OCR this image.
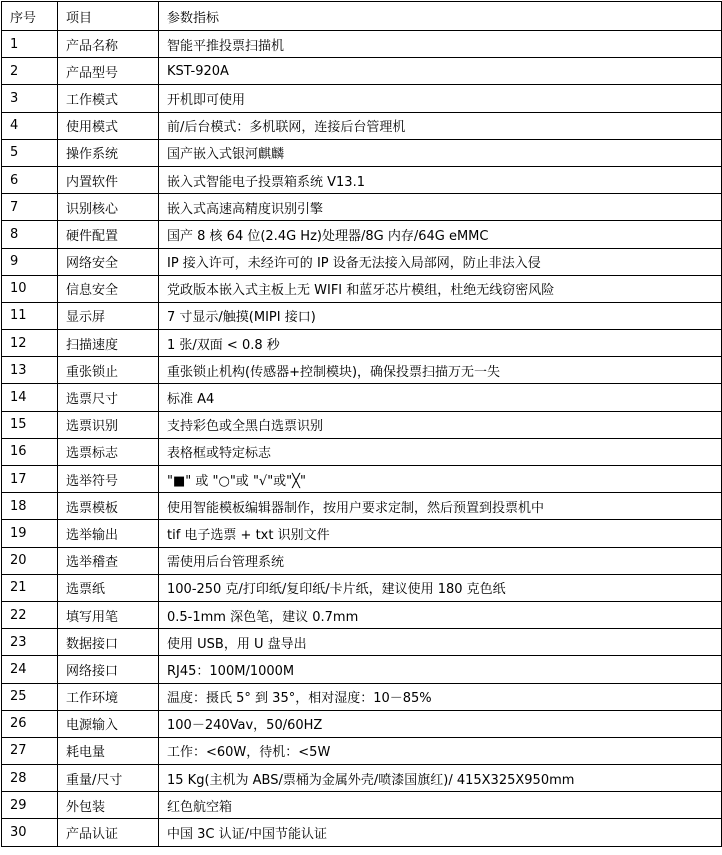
序号	项目	参数指标
1	产品名称	智能平推投票扫描机
2	产品型号	KST-920A
3	工作模式	开机即可使用
4	使用模式	前/后台模式：多机联网，连接后台管理机
5	操作系统	国产嵌入式银河麒麟
6	内置软件	嵌入式智能电子投票箱系统 V13.1
7	识别核心	嵌入式高速高精度识别引擎
8	硬件配置	国产 8 核 64 位(2.4G Hz)处理器/8G 内存/64G eMMC
9	网络安全	IP 接入许可，未经许可的 IP 设备无法接入局部网，防止非法入侵
10	信息安全	党政版本嵌入式主板上无 WIFI 和蓝牙芯片模组，杜绝无线窃密风险
11	显示屏	7 寸显示/触摸(MIPI 接口)
12	扫描速度	1 张/双面 < 0.8 秒
13	重张锁止	重张锁止机构(传感器+控制模块)，确保投票扫描万无一失
14	选票尺寸	标准 A4
15	选票识别	支持彩色或全黑白选票识别
16	选票标志	表格框或特定标志
17	选举符号	"■" 或 "○"或 "√"或"╳"
18	选票模板	使用智能模板编辑器制作，按用户要求定制，然后预置到投票机中
19	选举输出	tif 电子选票 + txt 识别文件
20	选举稽查	需使用后台管理系统
21	选票纸	100-250 克/打印纸/复印纸/卡片纸，建议使用 180 克色纸
22	填写用笔	0.5-1mm 深色笔，建议 0.7mm
23	数据接口	使用 USB，用 U 盘导出
24	网络接口	RJ45：100M/1000M
25	工作环境	温度：摄氏 5° 到 35°，相对湿度：10－85%
26	电源输入	100－240Vav，50/60HZ
27	耗电量	工作：<60W，待机：<5W
28	重量/尺寸	15 Kg(主机为 ABS/票桶为金属外壳/喷漆国旗红)/ 415X325X950mm
29	外包装	红色航空箱
30	产品认证	中国 3C 认证/中国节能认证
